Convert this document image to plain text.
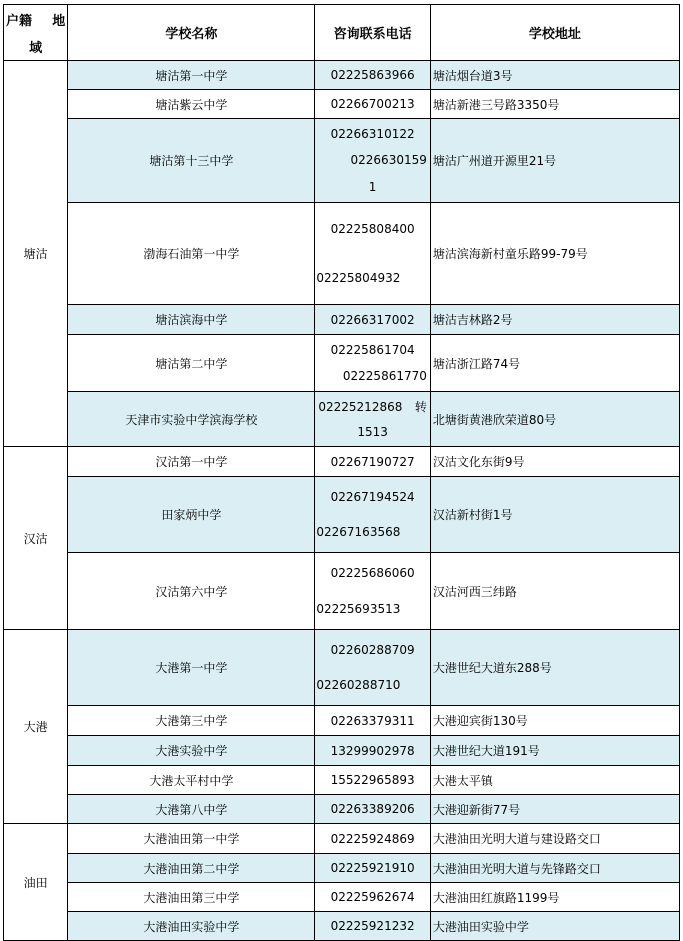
户籍 地
域	学校名称	咨询联系电话	学校地址
塘沽	塘沽第一中学	02225863966	塘沽烟台道3号
	塘沽紫云中学	02266700213	塘沽新港三号路3350号
	塘沽第十三中学	02266310122
0226630159
1	塘沽广州道开源里21号
	渤海石油第一中学	02225808400
02225804932	塘沽滨海新村童乐路99-79号
	塘沽滨海中学	02266317002	塘沽吉林路2号
	塘沽第二中学	02225861704
02225861770	塘沽浙江路74号
	天津市实验中学滨海学校	02225212868 转
1513	北塘街黄港欣荣道80号
汉沽	汉沽第一中学	02267190727	汉沽文化东街9号
	田家炳中学	02267194524
02267163568	汉沽新村街1号
	汉沽第六中学	02225686060
02225693513	汉沽河西三纬路
大港	大港第一中学	02260288709
02260288710	大港世纪大道东288号
	大港第三中学	02263379311	大港迎宾街130号
	大港实验中学	13299902978	大港世纪大道191号
	大港太平村中学	15522965893	大港太平镇
	大港第八中学	02263389206	大港迎新街77号
油田	大港油田第一中学	02225924869	大港油田光明大道与建设路交口
	大港油田第二中学	02225921910	大港油田光明大道与先锋路交口
	大港油田第三中学	02225962674	大港油田红旗路1199号
	大港油田实验中学	02225921232	大港油田实验中学
